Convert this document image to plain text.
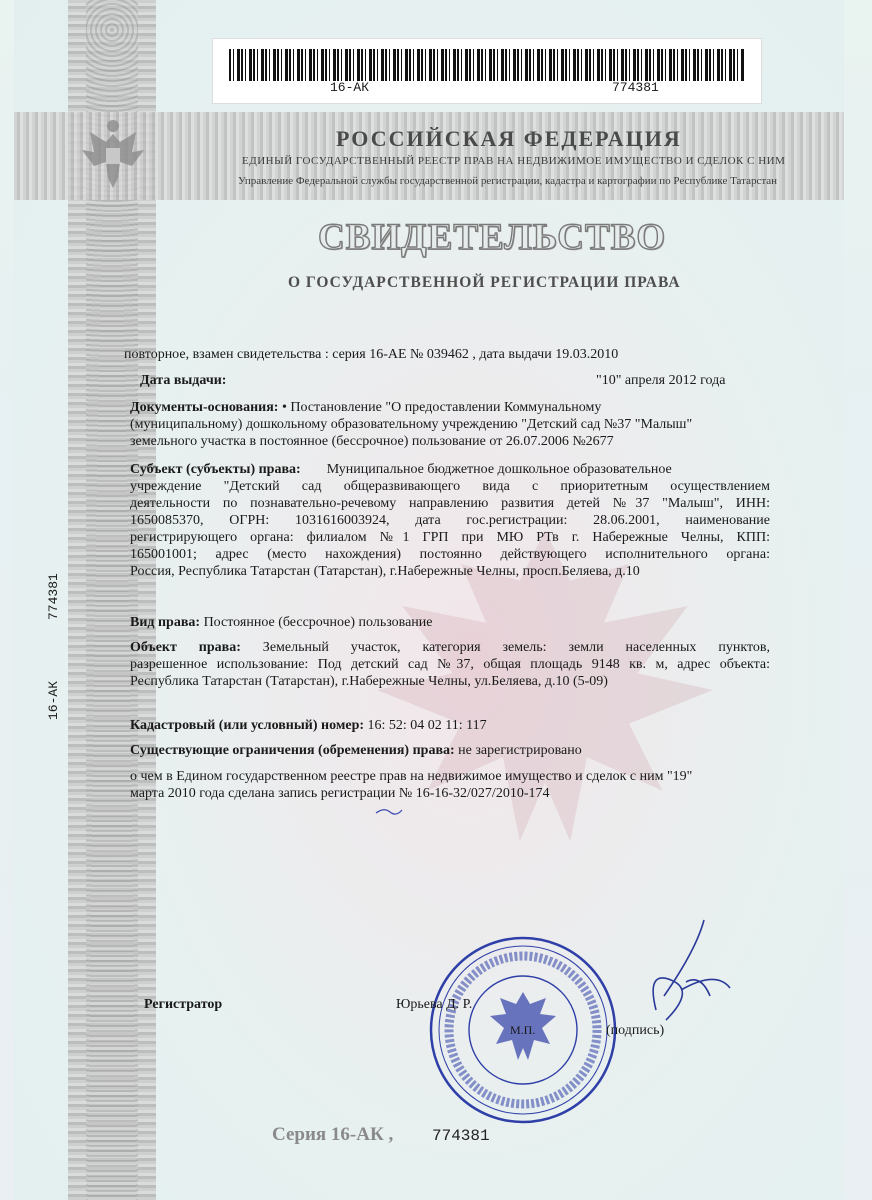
16-АК	774381
РОССИЙСКАЯ ФЕДЕРАЦИЯ
ЕДИНЫЙ ГОСУДАРСТВЕННЫЙ РЕЕСТР ПРАВ НА НЕДВИЖИМОЕ ИМУЩЕСТВО И СДЕЛОК С НИМ
Управление Федеральной службы государственной регистрации, кадастра и картографии по Республике Татарстан
СВИДЕТЕЛЬСТВО
О ГОСУДАРСТВЕННОЙ РЕГИСТРАЦИИ ПРАВА
повторное, взамен свидетельства : серия 16-АЕ № 039462 , дата выдачи 19.03.2010
Дата выдачи:	"10" апреля 2012 года
Документы-основания: • Постановление "О предоставлении Коммунальному
(муниципальному) дошкольному образовательному учреждению "Детский сад №37 "Малыш"
земельного участка в постоянное (бессрочное) пользование от 26.07.2006 №2677
Субъект (субъекты) права: Муниципальное бюджетное дошкольное образовательное
учреждение "Детский сад общеразвивающего вида с приоритетным осуществлением
деятельности по познавательно-речевому направлению развития детей №37 "Малыш", ИНН:
1650085370, ОГРН: 1031616003924, дата гос.регистрации: 28.06.2001, наименование
регистрирующего органа: филиалом №1 ГРП при МЮ РТв г. Набережные Челны, КПП:
165001001; адрес (место нахождения) постоянно действующего исполнительного органа:
Россия, Республика Татарстан (Татарстан), г.Набережные Челны, просп.Беляева, д.10
Вид права: Постоянное (бессрочное) пользование
Объект права: Земельный участок, категория земель: земли населенных пунктов,
разрешенное использование: Под детский сад №37, общая площадь 9148 кв. м, адрес объекта:
Республика Татарстан (Татарстан), г.Набережные Челны, ул.Беляева, д.10 (5-09)
Кадастровый (или условный) номер: 16: 52: 04 02 11: 117
Существующие ограничения (обременения) права: не зарегистрировано
о чем в Едином государственном реестре прав на недвижимое имущество и сделок с ним "19"
марта 2010 года сделана запись регистрации № 16-16-32/027/2010-174
16-АК
774381
Регистратор	Юрьева Д. Р.
М.П.	(подпись)
Серия 16-АК , 774381
